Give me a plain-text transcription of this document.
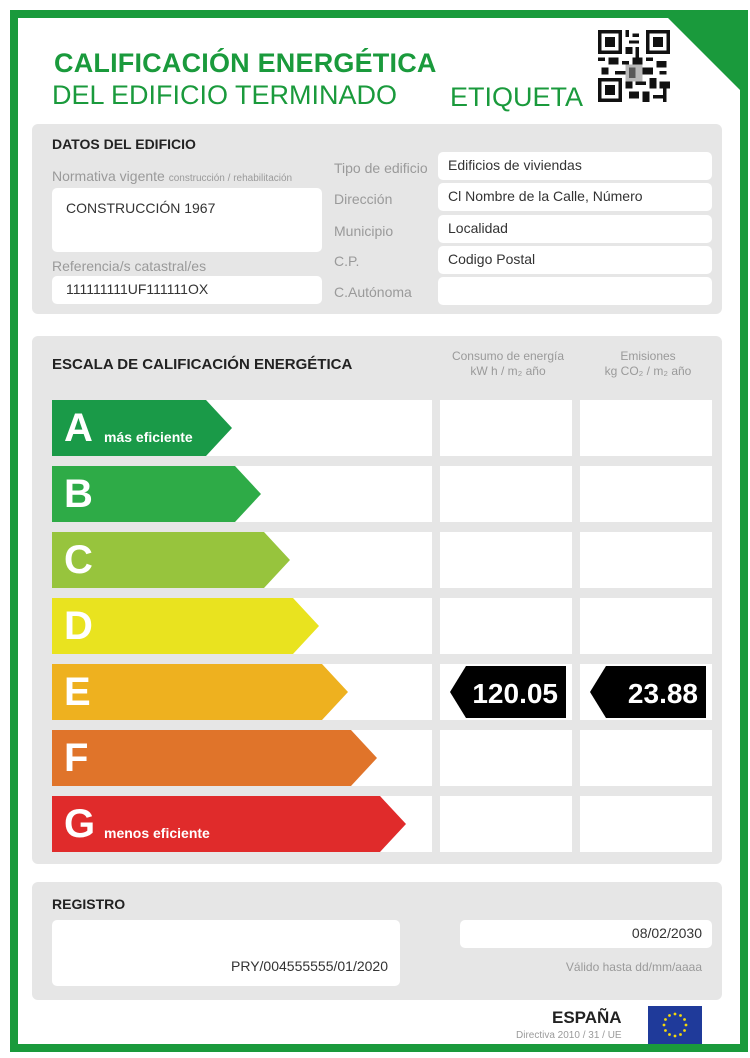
CALIFICACIÓN ENERGÉTICA
DEL EDIFICIO TERMINADO ETIQUETA
DATOS DEL EDIFICIO
Normativa vigente construcción / rehabilitación
CONSTRUCCIÓN 1967
Referencia/s catastral/es
111111111UF111111OX
Tipo de edificio	Edificios de viviendas
Dirección	Cl Nombre de la Calle, Número
Municipio	Localidad
C.P.	Codigo Postal
C.Autónoma
ESCALA DE CALIFICACIÓN ENERGÉTICA	Consumo de energía
kW h / m₂ año
Emisiones
kg CO₂ / m₂ año
A más eficiente
B
C
D
E	120.05 23.88
F
G menos eficiente
REGISTRO
PRY/004555555/01/2020
08/02/2030
Válido hasta dd/mm/aaaa
ESPAÑA
Directiva 2010 / 31 / UE
